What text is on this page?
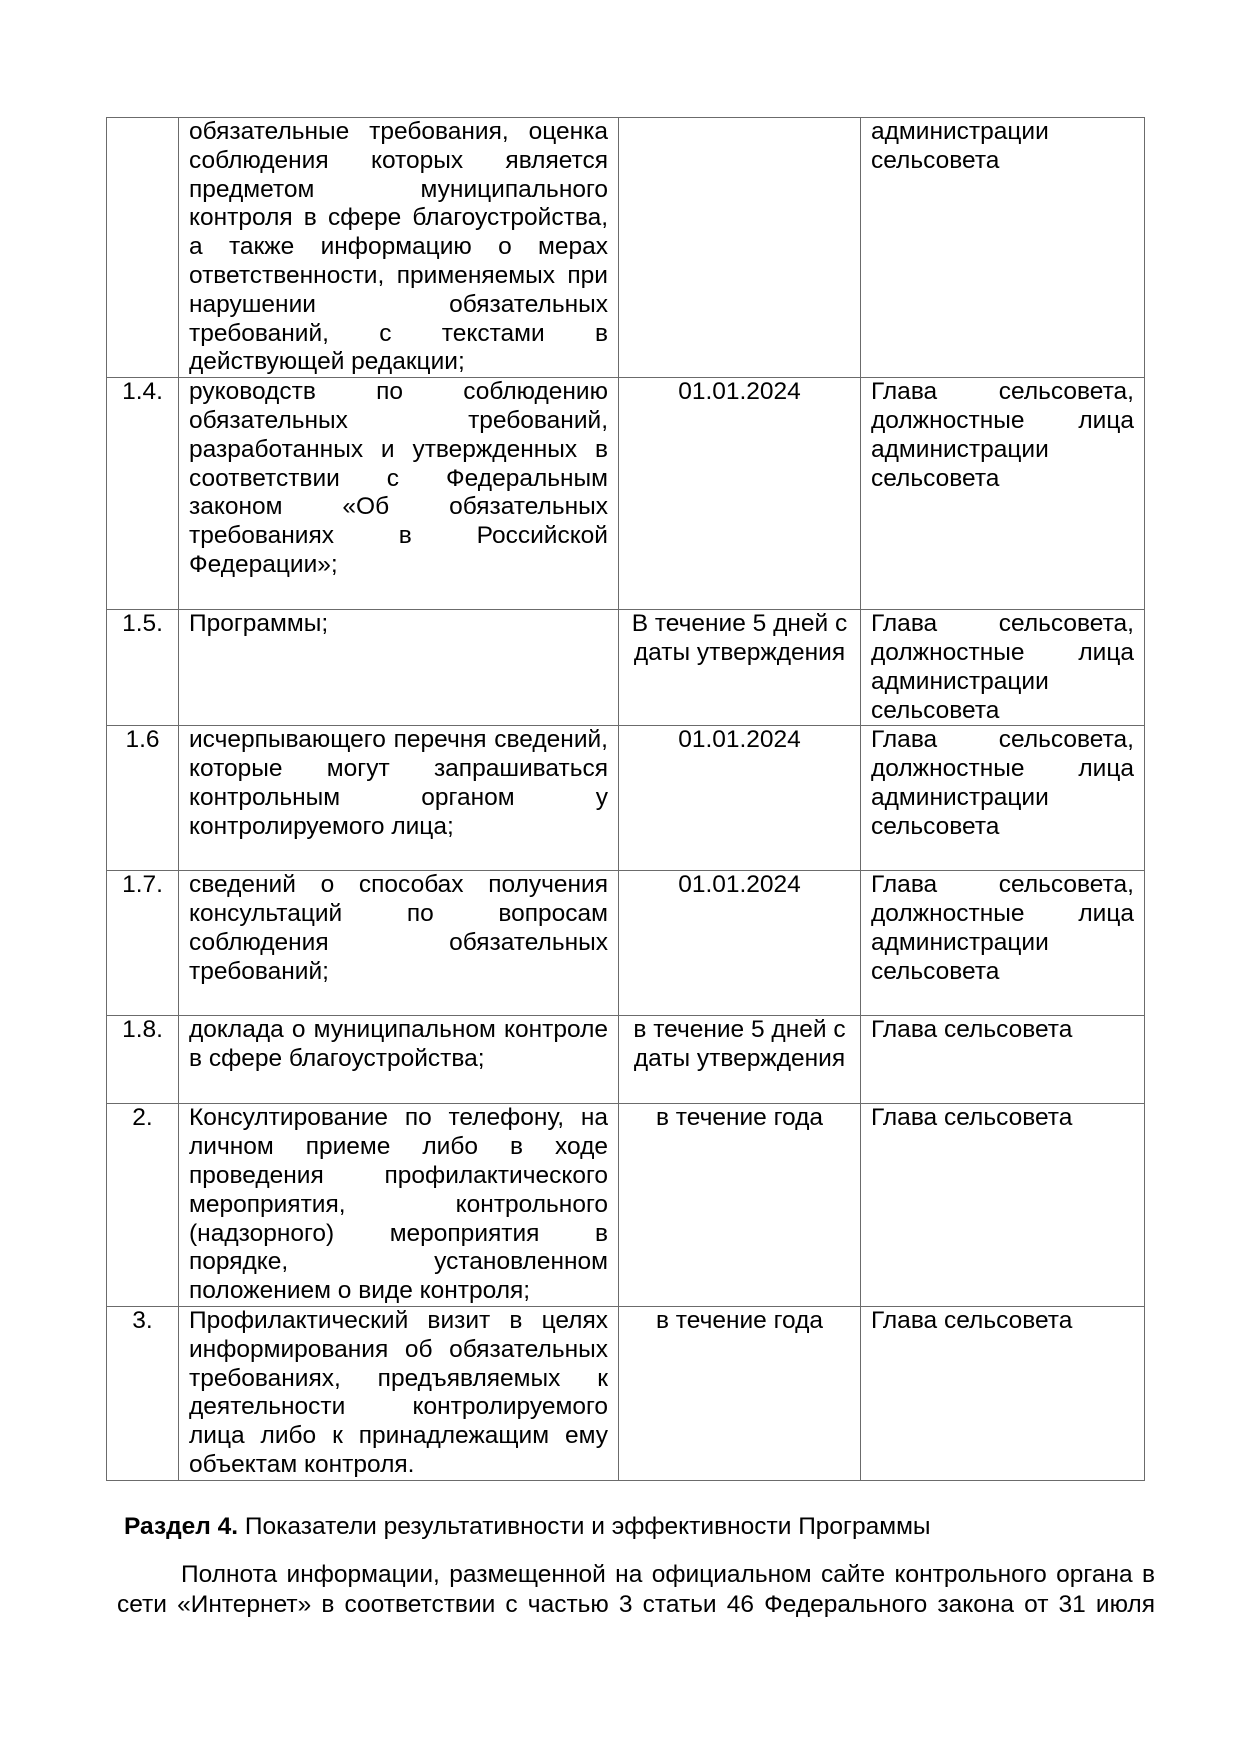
	обязательные требования, оценка соблюдения которых является предметом муниципального контроля в сфере благоустройства, а также информацию о мерах ответственности, применяемых при нарушении обязательных требований, с текстами в действующей редакции;		администрации сельсовета
1.4.	руководств по соблюдению обязательных требований, разработанных и утвержденных в соответствии с Федеральным законом «Об обязательных требованиях в Российской Федерации»;	01.01.2024	Глава сельсовета, должностные лица администрации сельсовета
1.5.	Программы;	В течение 5 дней с даты утверждения	Глава сельсовета, должностные лица администрации сельсовета
1.6	исчерпывающего перечня сведений, которые могут запрашиваться контрольным органом у контролируемого лица;	01.01.2024	Глава сельсовета, должностные лица администрации сельсовета
1.7.	сведений о способах получения консультаций по вопросам соблюдения обязательных требований;	01.01.2024	Глава сельсовета, должностные лица администрации сельсовета
1.8.	доклада о муниципальном контроле в сфере благоустройства;	в течение 5 дней с даты утверждения	Глава сельсовета
2.	Консултирование по телефону, на личном приеме либо в ходе проведения профилактического мероприятия, контрольного (надзорного) мероприятия в порядке, установленном положением о виде контроля;	в течение года	Глава сельсовета
3.	Профилактический визит в целях информирования об обязательных требованиях, предъявляемых к деятельности контролируемого лица либо к принадлежащим ему объектам контроля.	в течение года	Глава сельсовета
Раздел 4. Показатели результативности и эффективности Программы
Полнота информации, размещенной на официальном сайте контрольного органа в
сети «Интернет» в соответствии с частью 3 статьи 46 Федерального закона от 31 июля
